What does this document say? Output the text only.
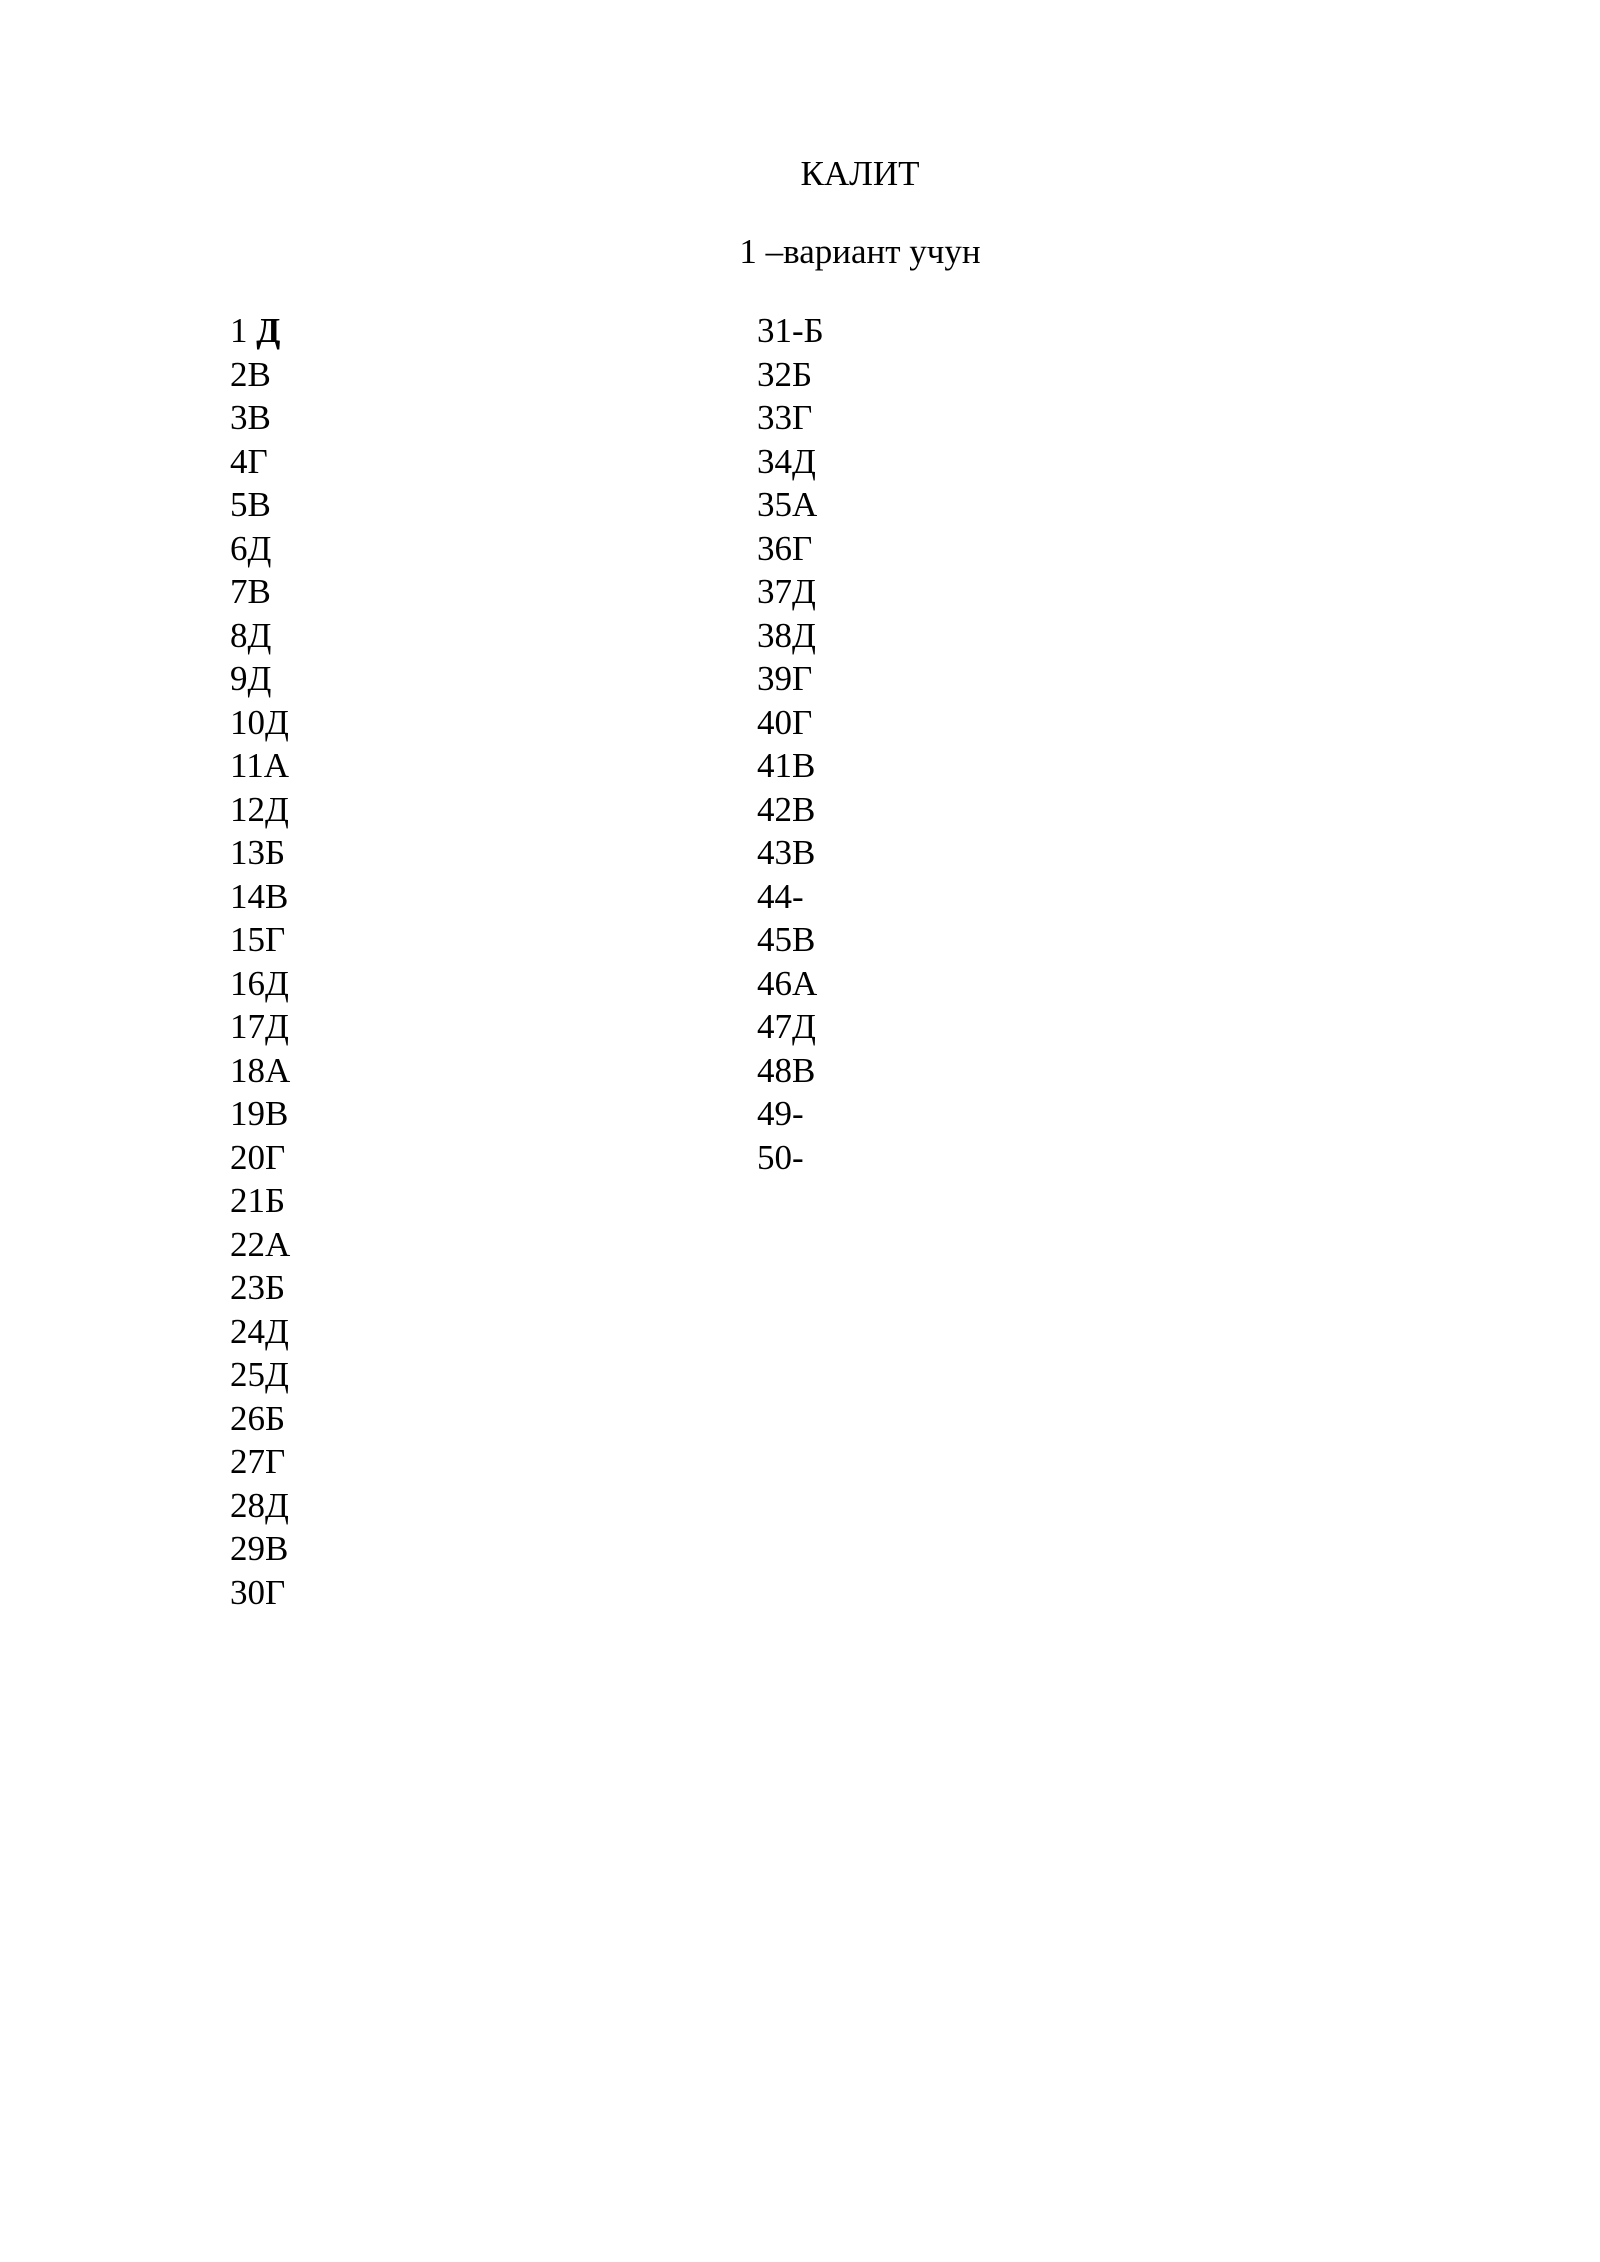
КАЛИТ
1 –вариант учун
1 Д
2В
3В
4Г
5В
6Д
7В
8Д
9Д
10Д
11А
12Д
13Б
14В
15Г
16Д
17Д
18А
19В
20Г
21Б
22А
23Б
24Д
25Д
26Б
27Г
28Д
29В
30Г
31-Б
32Б
33Г
34Д
35А
36Г
37Д
38Д
39Г
40Г
41В
42В
43В
44-
45В
46А
47Д
48В
49-
50-
